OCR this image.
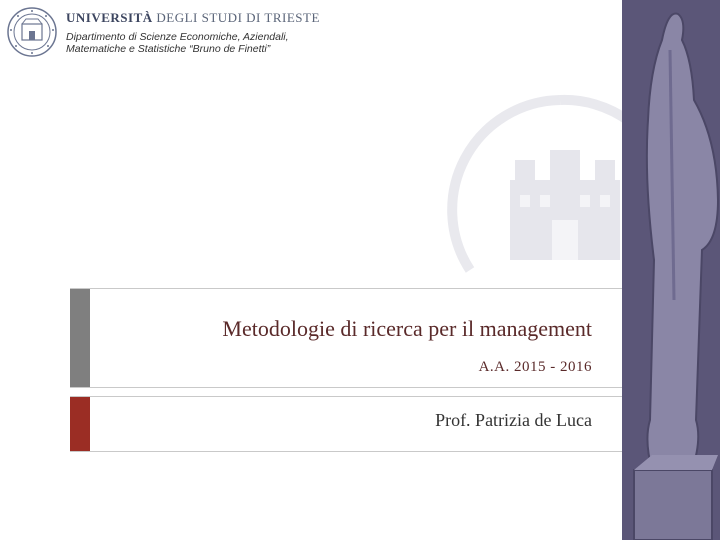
UNIVERSITÀ DEGLI STUDI DI TRIESTE
Dipartimento di Scienze Economiche, Aziendali,
Matematiche e Statistiche “Bruno de Finetti”
Metodologie di ricerca per il management
A.A. 2015 - 2016
Prof. Patrizia de Luca
